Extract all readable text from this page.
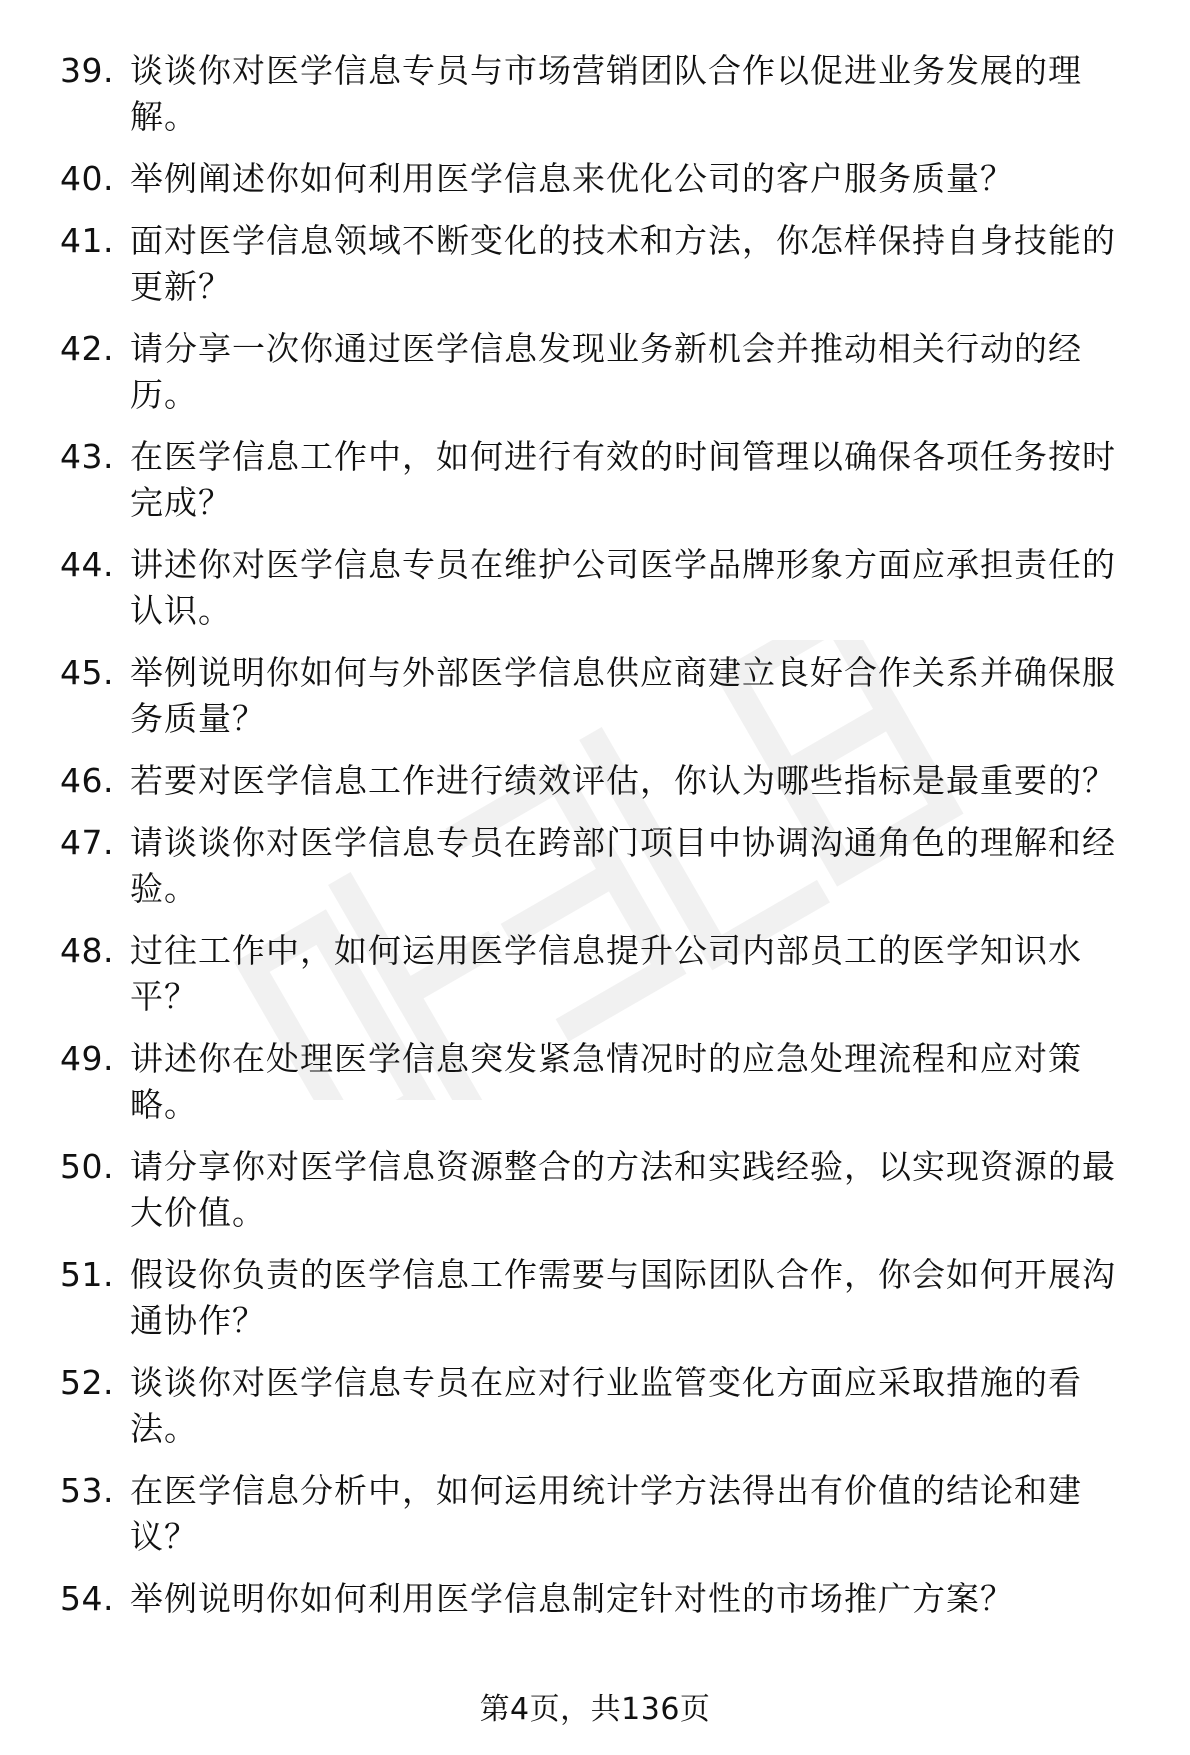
39. 谈谈你对医学信息专员与市场营销团队合作以促进业务发展的理解。
40. 举例阐述你如何利用医学信息来优化公司的客户服务质量？
41. 面对医学信息领域不断变化的技术和方法，你怎样保持自身技能的更新？
42. 请分享一次你通过医学信息发现业务新机会并推动相关行动的经历。
43. 在医学信息工作中，如何进行有效的时间管理以确保各项任务按时完成？
44. 讲述你对医学信息专员在维护公司医学品牌形象方面应承担责任的认识。
45. 举例说明你如何与外部医学信息供应商建立良好合作关系并确保服务质量？
46. 若要对医学信息工作进行绩效评估，你认为哪些指标是最重要的？
47. 请谈谈你对医学信息专员在跨部门项目中协调沟通角色的理解和经验。
48. 过往工作中，如何运用医学信息提升公司内部员工的医学知识水平？
49. 讲述你在处理医学信息突发紧急情况时的应急处理流程和应对策略。
50. 请分享你对医学信息资源整合的方法和实践经验，以实现资源的最大价值。
51. 假设你负责的医学信息工作需要与国际团队合作，你会如何开展沟通协作？
52. 谈谈你对医学信息专员在应对行业监管变化方面应采取措施的看法。
53. 在医学信息分析中，如何运用统计学方法得出有价值的结论和建议？
54. 举例说明你如何利用医学信息制定针对性的市场推广方案？
第4页，共136页
